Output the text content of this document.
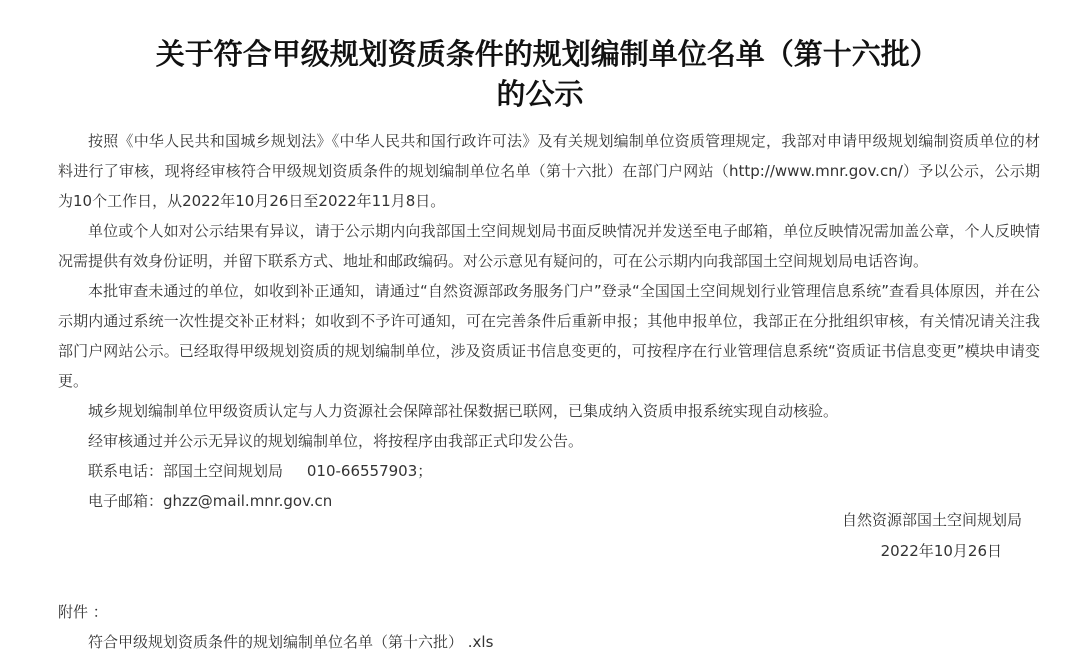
关于符合甲级规划资质条件的规划编制单位名单（第十六批）的公示

按照《中华人民共和国城乡规划法》《中华人民共和国行政许可法》及有关规划编制单位资质管理规定，我部对申请甲级规划编制资质单位的材料进行了审核，现将经审核符合甲级规划资质条件的规划编制单位名单（第十六批）在部门户网站（http://www.mnr.gov.cn/）予以公示，公示期为10个工作日，从2022年10月26日至2022年11月8日。

单位或个人如对公示结果有异议，请于公示期内向我部国土空间规划局书面反映情况并发送至电子邮箱，单位反映情况需加盖公章，个人反映情况需提供有效身份证明，并留下联系方式、地址和邮政编码。对公示意见有疑问的，可在公示期内向我部国土空间规划局电话咨询。

本批审查未通过的单位，如收到补正通知，请通过“自然资源部政务服务门户”登录“全国国土空间规划行业管理信息系统”查看具体原因，并在公示期内通过系统一次性提交补正材料；如收到不予许可通知，可在完善条件后重新申报；其他申报单位，我部正在分批组织审核，有关情况请关注我部门户网站公示。已经取得甲级规划资质的规划编制单位，涉及资质证书信息变更的，可按程序在行业管理信息系统“资质证书信息变更”模块申请变更。

城乡规划编制单位甲级资质认定与人力资源社会保障部社保数据已联网，已集成纳入资质申报系统实现自动核验。

经审核通过并公示无异议的规划编制单位，将按程序由我部正式印发公告。

联系电话：部国土空间规划局 010-66557903；

电子邮箱：ghzz@mail.mnr.gov.cn

自然资源部国土空间规划局
2022年10月26日
附件 ：
符合甲级规划资质条件的规划编制单位名单（第十六批） .xls
